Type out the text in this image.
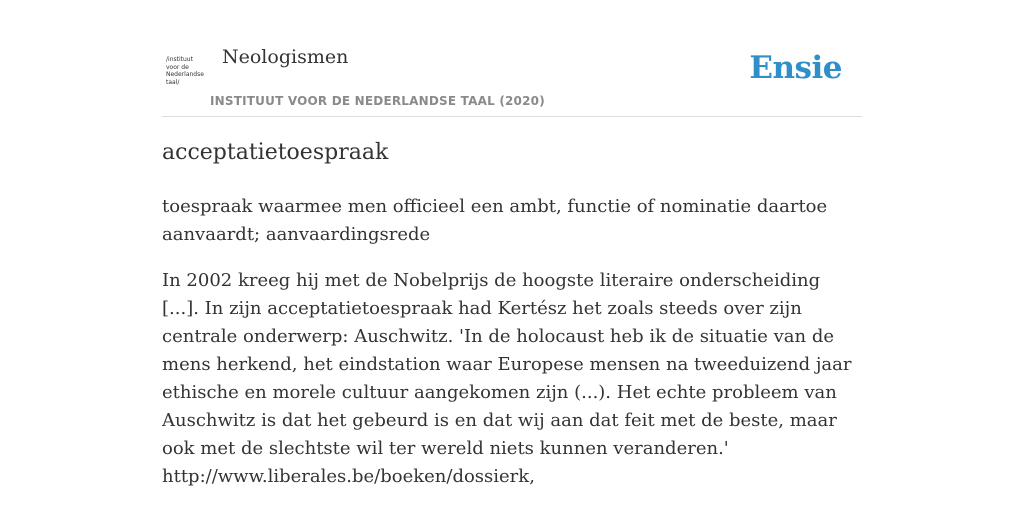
/instituut
voor de
Nederlandse
taal/
Neologismen
INSTITUUT VOOR DE NEDERLANDSE TAAL (2020)
Ensie
acceptatietoespraak
toespraak waarmee men officieel een ambt, functie of nominatie daartoe aanvaardt; aanvaardingsrede

In 2002 kreeg hij met de Nobelprijs de hoogste literaire onderscheiding [...]. In zijn acceptatietoespraak had Kertész het zoals steeds over zijn centrale onderwerp: Auschwitz. 'In de holocaust heb ik de situatie van de mens herkend, het eindstation waar Europese mensen na tweeduizend jaar ethische en morele cultuur aangekomen zijn (...). Het echte probleem van Auschwitz is dat het gebeurd is en dat wij aan dat feit met de beste, maar ook met de slechtste wil ter wereld niets kunnen veranderen.'

http://www.liberales.be/boeken/dossierk,
